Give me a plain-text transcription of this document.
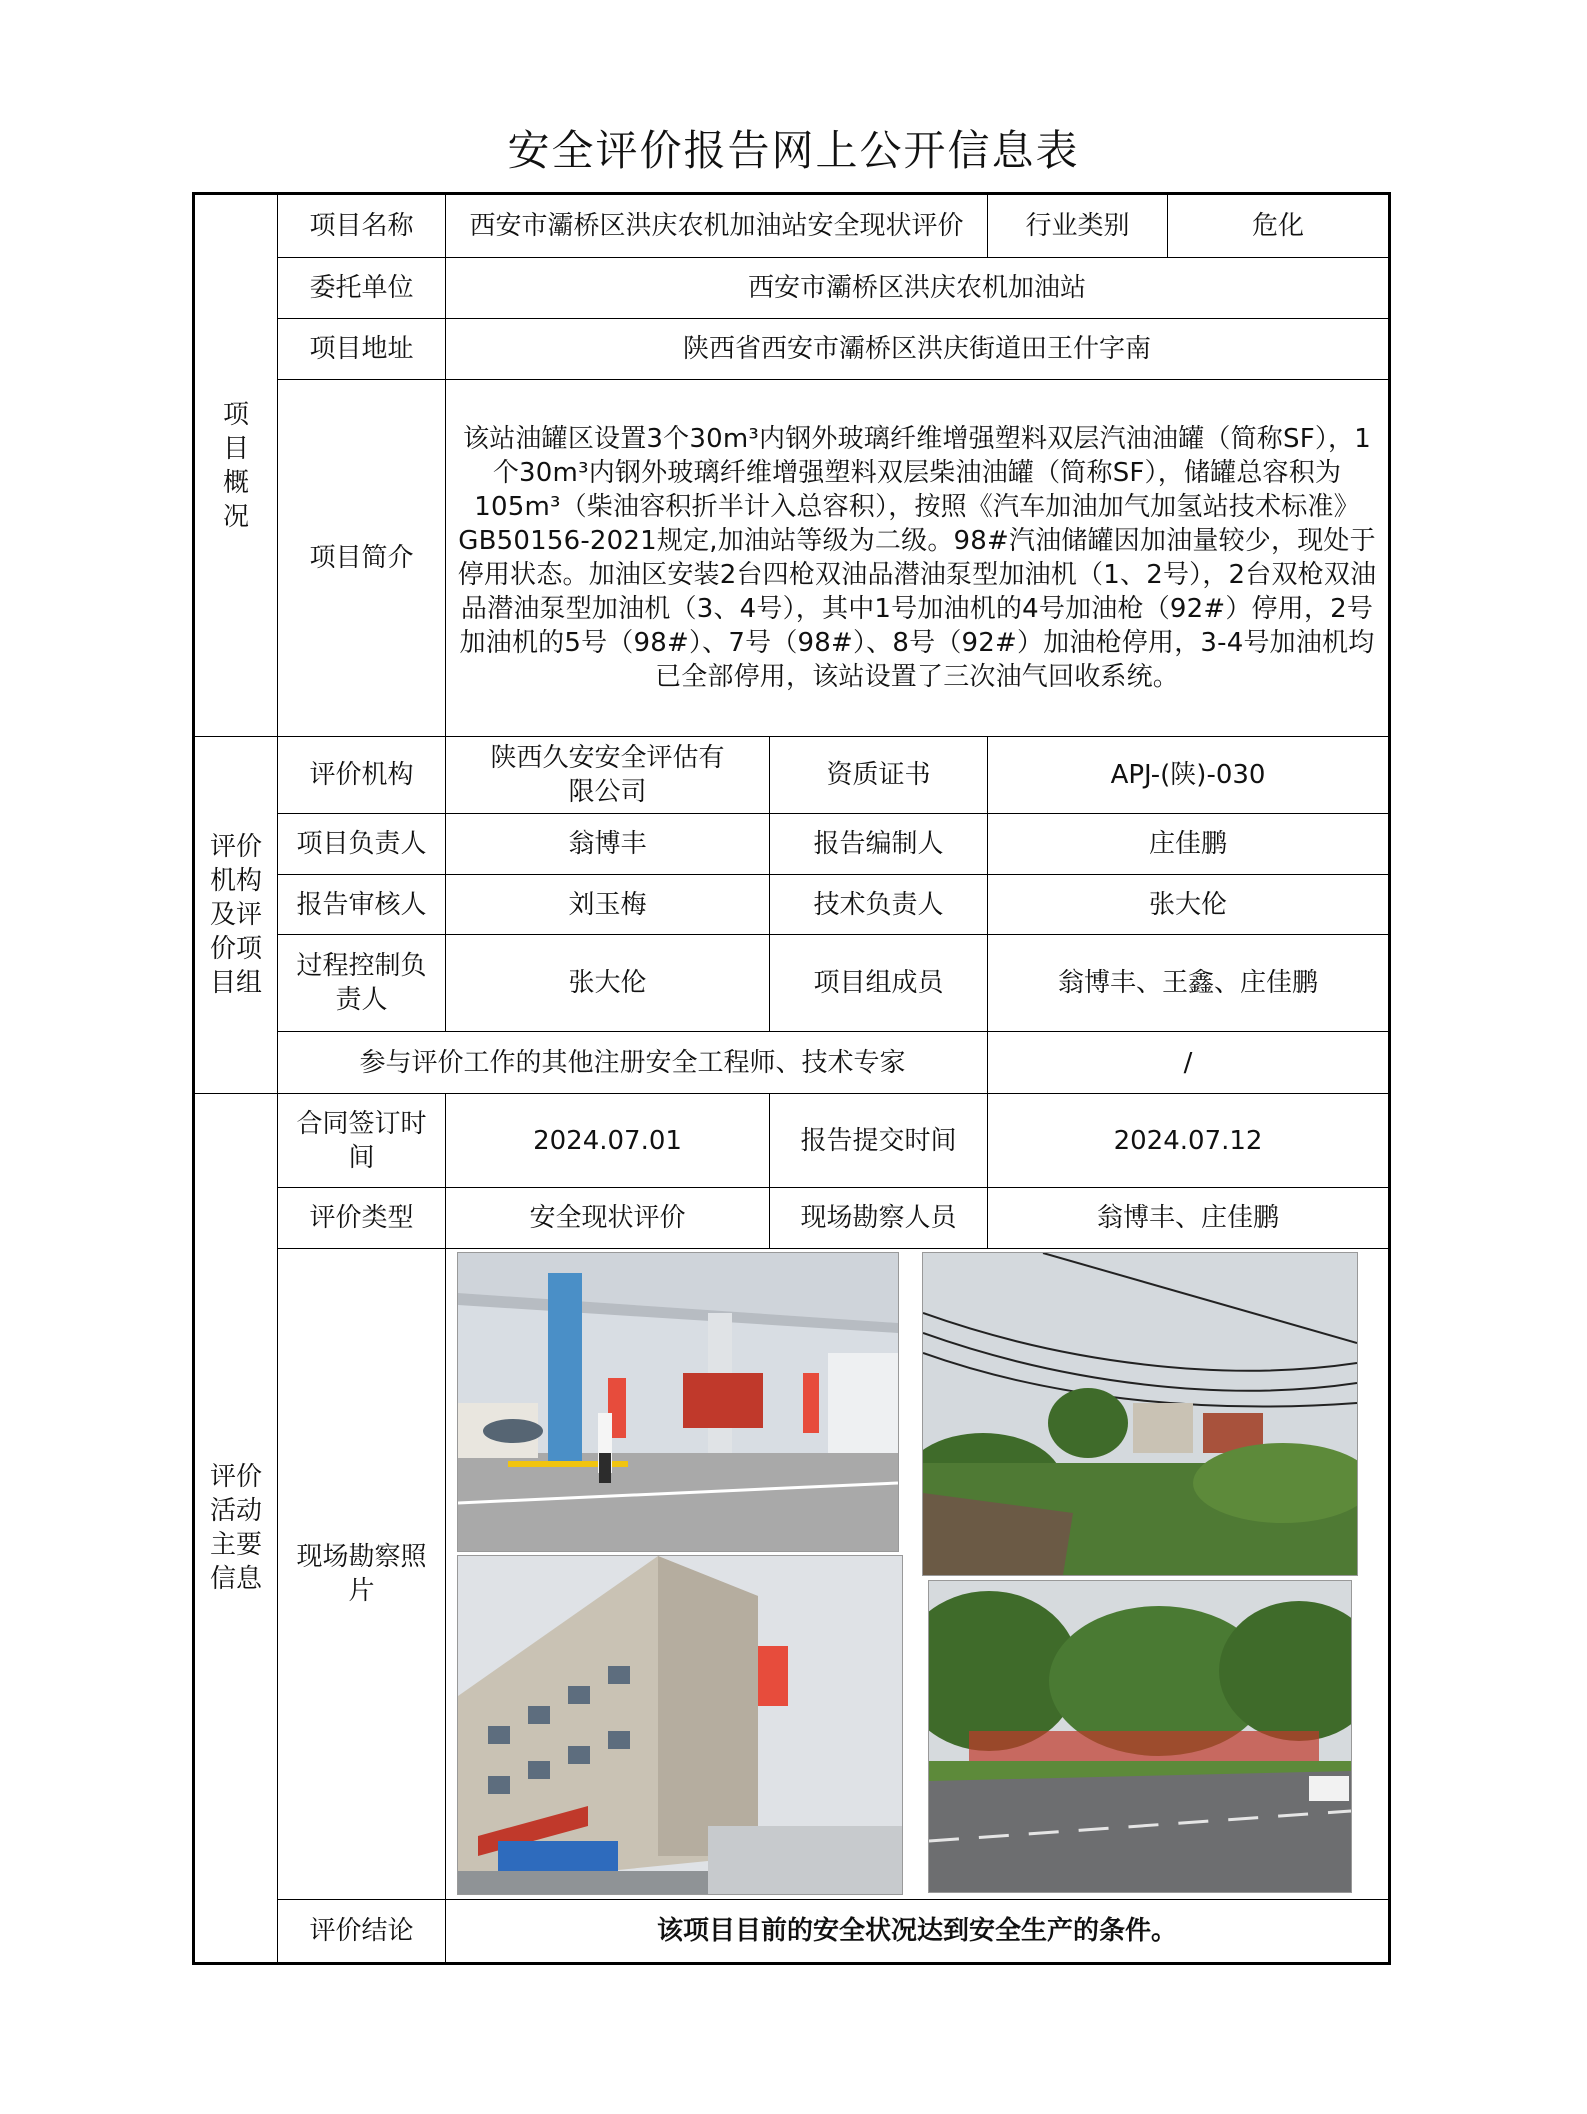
安全评价报告网上公开信息表
项目概况	项目名称	西安市灞桥区洪庆农机加油站安全现状评价		行业类别	危化
	委托单位	西安市灞桥区洪庆农机加油站			
	项目地址	陕西省西安市灞桥区洪庆街道田王什字南			
	项目简介	该站油罐区设置3个30m³内钢外玻璃纤维增强塑料双层汽油油罐（简称SF），1个30m³内钢外玻璃纤维增强塑料双层柴油油罐（简称SF），储罐总容积为105m³（柴油容积折半计入总容积），按照《汽车加油加气加氢站技术标准》GB50156-2021规定,加油站等级为二级。98#汽油储罐因加油量较少，现处于停用状态。加油区安装2台四枪双油品潜油泵型加油机（1、2号），2台双枪双油品潜油泵型加油机（3、4号），其中1号加油机的4号加油枪（92#）停用，2号加油机的5号（98#）、7号（98#）、8号（92#）加油枪停用，3-4号加油机均已全部停用，该站设置了三次油气回收系统。			
评价机构及评价项目组	评价机构	陕西久安安全评估有限公司	资质证书	APJ-(陕)-030	
	项目负责人	翁博丰	报告编制人	庄佳鹏	
	报告审核人	刘玉梅	技术负责人	张大伦	
	过程控制负责人	张大伦	项目组成员	翁博丰、王鑫、庄佳鹏	
	参与评价工作的其他注册安全工程师、技术专家			/	
评价活动主要信息	合同签订时间	2024.07.01	报告提交时间	2024.07.12	
	评价类型	安全现状评价	现场勘察人员	翁博丰、庄佳鹏	
	现场勘察照片	

	评价结论	该项目目前的安全状况达到安全生产的条件。			
